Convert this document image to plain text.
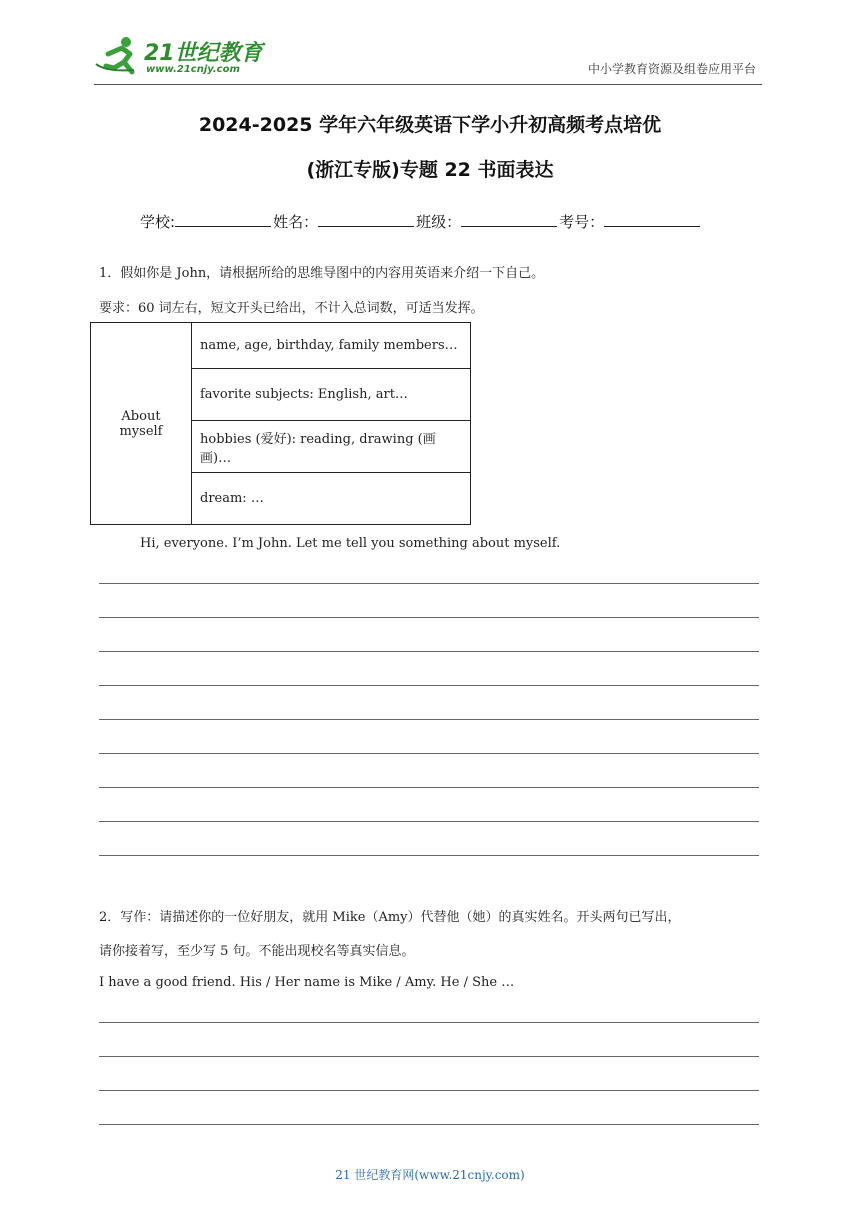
21世纪教育
www.21cnjy.com	中小学教育资源及组卷应用平台
2024-2025 学年六年级英语下学小升初高频考点培优
(浙江专版)专题 22 书面表达
学校:	姓名：	班级：	考号：
1．假如你是 John，请根据所给的思维导图中的内容用英语来介绍一下自己。
要求：60 词左右，短文开头已给出，不计入总词数，可适当发挥。
About myself	name, age, birthday, family members…
favorite subjects: English, art…
hobbies (爱好): reading, drawing (画画)…
dream: …
Hi, everyone. I’m John. Let me tell you something about myself.
2．写作：请描述你的一位好朋友，就用 Mike（Amy）代替他（她）的真实姓名。开头两句已写出，
请你接着写，至少写 5 句。不能出现校名等真实信息。
I have a good friend. His / Her name is Mike / Amy. He / She …
21 世纪教育网(www.21cnjy.com)
